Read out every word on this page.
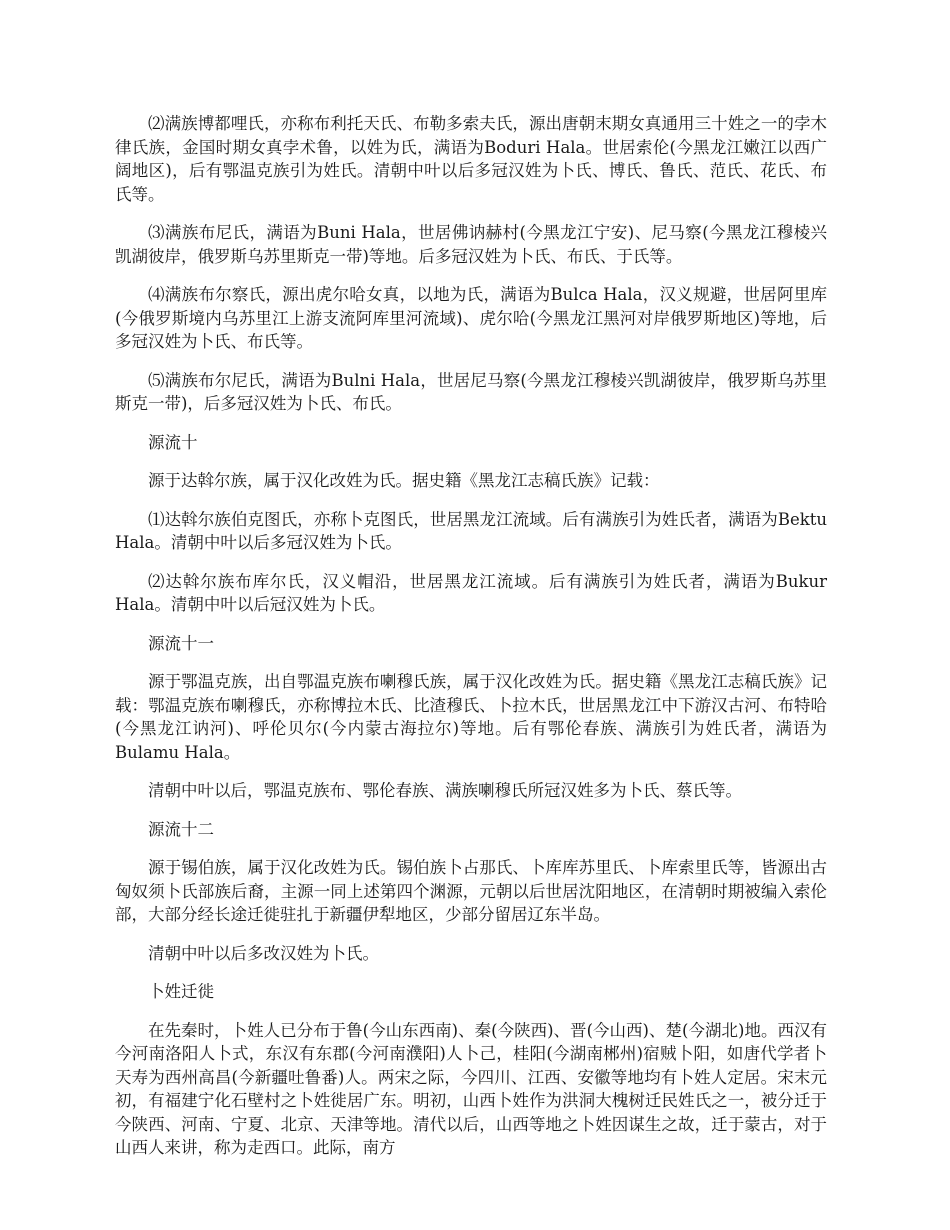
⑵满族博都哩氏，亦称布利托天氏、布勒多索夫氏，源出唐朝末期女真通用三十姓之一的孛木律氏族，金国时期女真孛术鲁，以姓为氏，满语为Boduri Hala。世居索伦(今黑龙江嫩江以西广阔地区)，后有鄂温克族引为姓氏。清朝中叶以后多冠汉姓为卜氏、博氏、鲁氏、范氏、花氏、布氏等。

⑶满族布尼氏，满语为Buni Hala，世居佛讷赫村(今黑龙江宁安)、尼马察(今黑龙江穆棱兴凯湖彼岸，俄罗斯乌苏里斯克一带)等地。后多冠汉姓为卜氏、布氏、于氏等。

⑷满族布尔察氏，源出虎尔哈女真，以地为氏，满语为Bulca Hala，汉义规避，世居阿里库(今俄罗斯境内乌苏里江上游支流阿库里河流域)、虎尔哈(今黑龙江黑河对岸俄罗斯地区)等地，后多冠汉姓为卜氏、布氏等。

⑸满族布尔尼氏，满语为Bulni Hala，世居尼马察(今黑龙江穆棱兴凯湖彼岸，俄罗斯乌苏里斯克一带)，后多冠汉姓为卜氏、布氏。

源流十

源于达斡尔族，属于汉化改姓为氏。据史籍《黑龙江志稿氏族》记载：

⑴达斡尔族伯克图氏，亦称卜克图氏，世居黑龙江流域。后有满族引为姓氏者，满语为Bektu Hala。清朝中叶以后多冠汉姓为卜氏。

⑵达斡尔族布库尔氏，汉义帽沿，世居黑龙江流域。后有满族引为姓氏者，满语为Bukur Hala。清朝中叶以后冠汉姓为卜氏。

源流十一

源于鄂温克族，出自鄂温克族布喇穆氏族，属于汉化改姓为氏。据史籍《黑龙江志稿氏族》记载：鄂温克族布喇穆氏，亦称博拉木氏、比渣穆氏、卜拉木氏，世居黑龙江中下游汉古河、布特哈(今黑龙江讷河)、呼伦贝尔(今内蒙古海拉尔)等地。后有鄂伦春族、满族引为姓氏者，满语为Bulamu Hala。

清朝中叶以后，鄂温克族布、鄂伦春族、满族喇穆氏所冠汉姓多为卜氏、蔡氏等。

源流十二

源于锡伯族，属于汉化改姓为氏。锡伯族卜占那氏、卜库库苏里氏、卜库索里氏等，皆源出古匈奴须卜氏部族后裔，主源一同上述第四个渊源，元朝以后世居沈阳地区，在清朝时期被编入索伦部，大部分经长途迁徙驻扎于新疆伊犁地区，少部分留居辽东半岛。

清朝中叶以后多改汉姓为卜氏。

卜姓迁徙

在先秦时，卜姓人已分布于鲁(今山东西南)、秦(今陕西)、晋(今山西)、楚(今湖北)地。西汉有今河南洛阳人卜式，东汉有东郡(今河南濮阳)人卜己，桂阳(今湖南郴州)宿贼卜阳，如唐代学者卜天寿为西州高昌(今新疆吐鲁番)人。两宋之际，今四川、江西、安徽等地均有卜姓人定居。宋末元初，有福建宁化石壁村之卜姓徙居广东。明初，山西卜姓作为洪洞大槐树迁民姓氏之一，被分迁于今陕西、河南、宁夏、北京、天津等地。清代以后，山西等地之卜姓因谋生之故，迁于蒙古，对于山西人来讲，称为走西口。此际，南方
